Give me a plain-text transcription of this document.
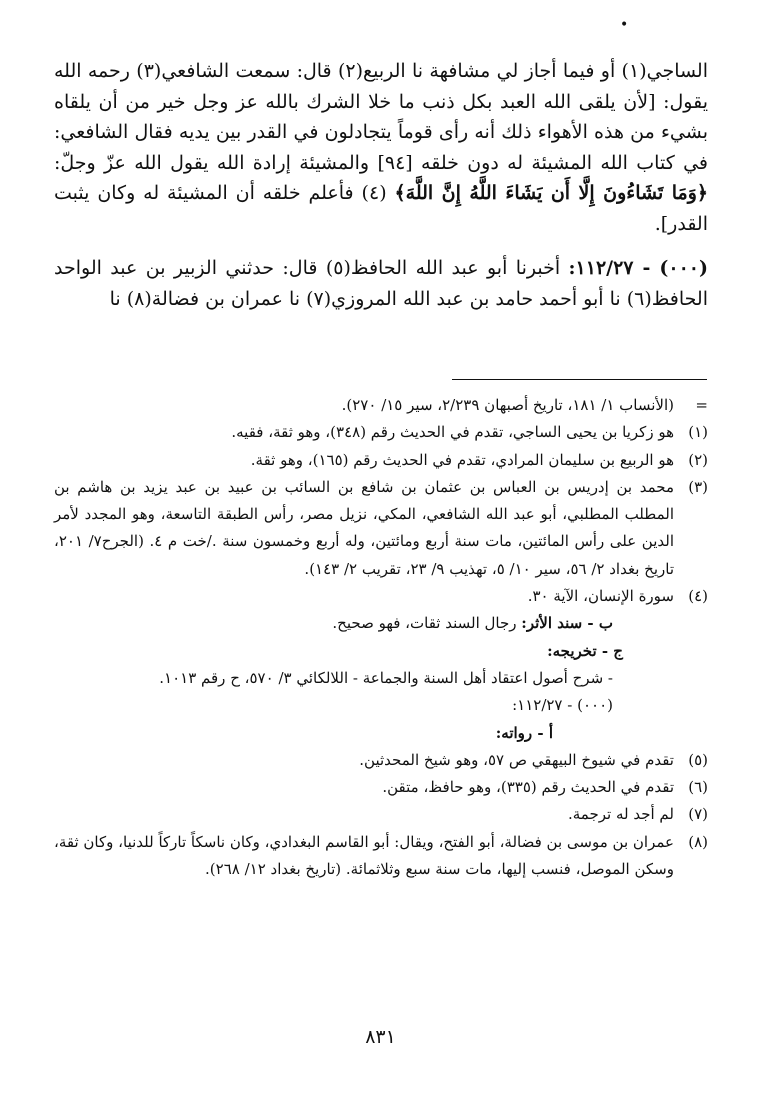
•

الساجي(١) أو فيما أجاز لي مشافهة نا الربيع(٢) قال: سمعت الشافعي(٣) رحمه الله يقول: [لأن يلقى الله العبد بكل ذنب ما خلا الشرك بالله عز وجل خير من أن يلقاه بشيء من هذه الأهواء ذلك أنه رأى قوماً يتجادلون في القدر بين يديه فقال الشافعي: في كتاب الله المشيئة له دون خلقه [٩٤] والمشيئة إرادة الله يقول الله عزّ وجلّ: ﴿وَمَا تَشَاءُونَ إِلَّا أَن يَشَاءَ اللَّهُ إِنَّ اللَّهَ﴾ (٤) فأعلم خلقه أن المشيئة له وكان يثبت القدر].

(٠٠٠) - ١١٢/٢٧: أخبرنا أبو عبد الله الحافظ(٥) قال: حدثني الزبير بن عبد الواحد الحافظ(٦) نا أبو أحمد حامد بن عبد الله المروزي(٧) نا عمران بن فضالة(٨) نا

=
(الأنساب ١/ ١٨١، تاريخ أصبهان ٢/٢٣٩، سير ١٥/ ٢٧٠).
(١)
هو زكريا بن يحيى الساجي، تقدم في الحديث رقم (٣٤٨)، وهو ثقة، فقيه.
(٢)
هو الربيع بن سليمان المرادي، تقدم في الحديث رقم (١٦٥)، وهو ثقة.
(٣)
محمد بن إدريس بن العباس بن عثمان بن شافع بن السائب بن عبيد بن عبد يزيد بن هاشم بن المطلب المطلبي، أبو عبد الله الشافعي، المكي، نزيل مصر، رأس الطبقة التاسعة، وهو المجدد لأمر الدين على رأس المائتين، مات سنة أربع ومائتين، وله أربع وخمسون سنة ./خت م ٤. (الجرح٧/ ٢٠١، تاريخ بغداد ٢/ ٥٦، سير ١٠/ ٥، تهذيب ٩/ ٢٣، تقريب ٢/ ١٤٣).
(٤)
سورة الإنسان، الآية ٣٠.
ب - سند الأثر: رجال السند ثقات، فهو صحيح.
ج - تخريجه:
- شرح أصول اعتقاد أهل السنة والجماعة - اللالكائي ٣/ ٥٧٠، ح رقم ١٠١٣.
(٠٠٠) - ١١٢/٢٧:
أ - رواته:
(٥)
تقدم في شيوخ البيهقي ص ٥٧، وهو شيخ المحدثين.
(٦)
تقدم في الحديث رقم (٣٣٥)، وهو حافظ، متقن.
(٧)
لم أجد له ترجمة.
(٨)
عمران بن موسى بن فضالة، أبو الفتح، ويقال: أبو القاسم البغدادي، وكان ناسكاً تاركاً للدنيا، وكان ثقة، وسكن الموصل، فنسب إليها، مات سنة سبع وثلاثمائة. (تاريخ بغداد ١٢/ ٢٦٨).
٨٣١
